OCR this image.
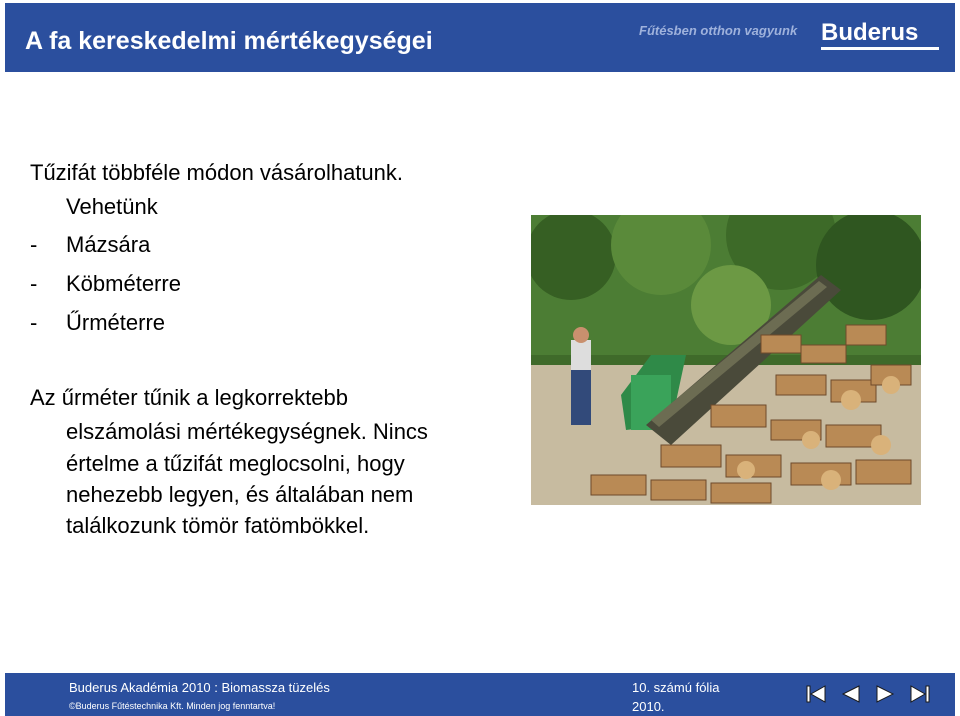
A fa kereskedelmi mértékegységei	Fűtésben otthon vagyunk Buderus
Tűzifát többféle módon vásárolhatunk.
Vehetünk
- Mázsára
- Köbméterre
- Űrméterre
Az űrméter tűnik a legkorrektebb
elszámolási mértékegységnek. Nincs
értelme a tűzifát meglocsolni, hogy
nehezebb legyen, és általában nem
találkozunk tömör fatömbökkel.
Buderus Akadémia 2010 : Biomassza tüzelés
©Buderus Fűtéstechnika Kft. Minden jog fenntartva!
10. számú fólia
2010.
